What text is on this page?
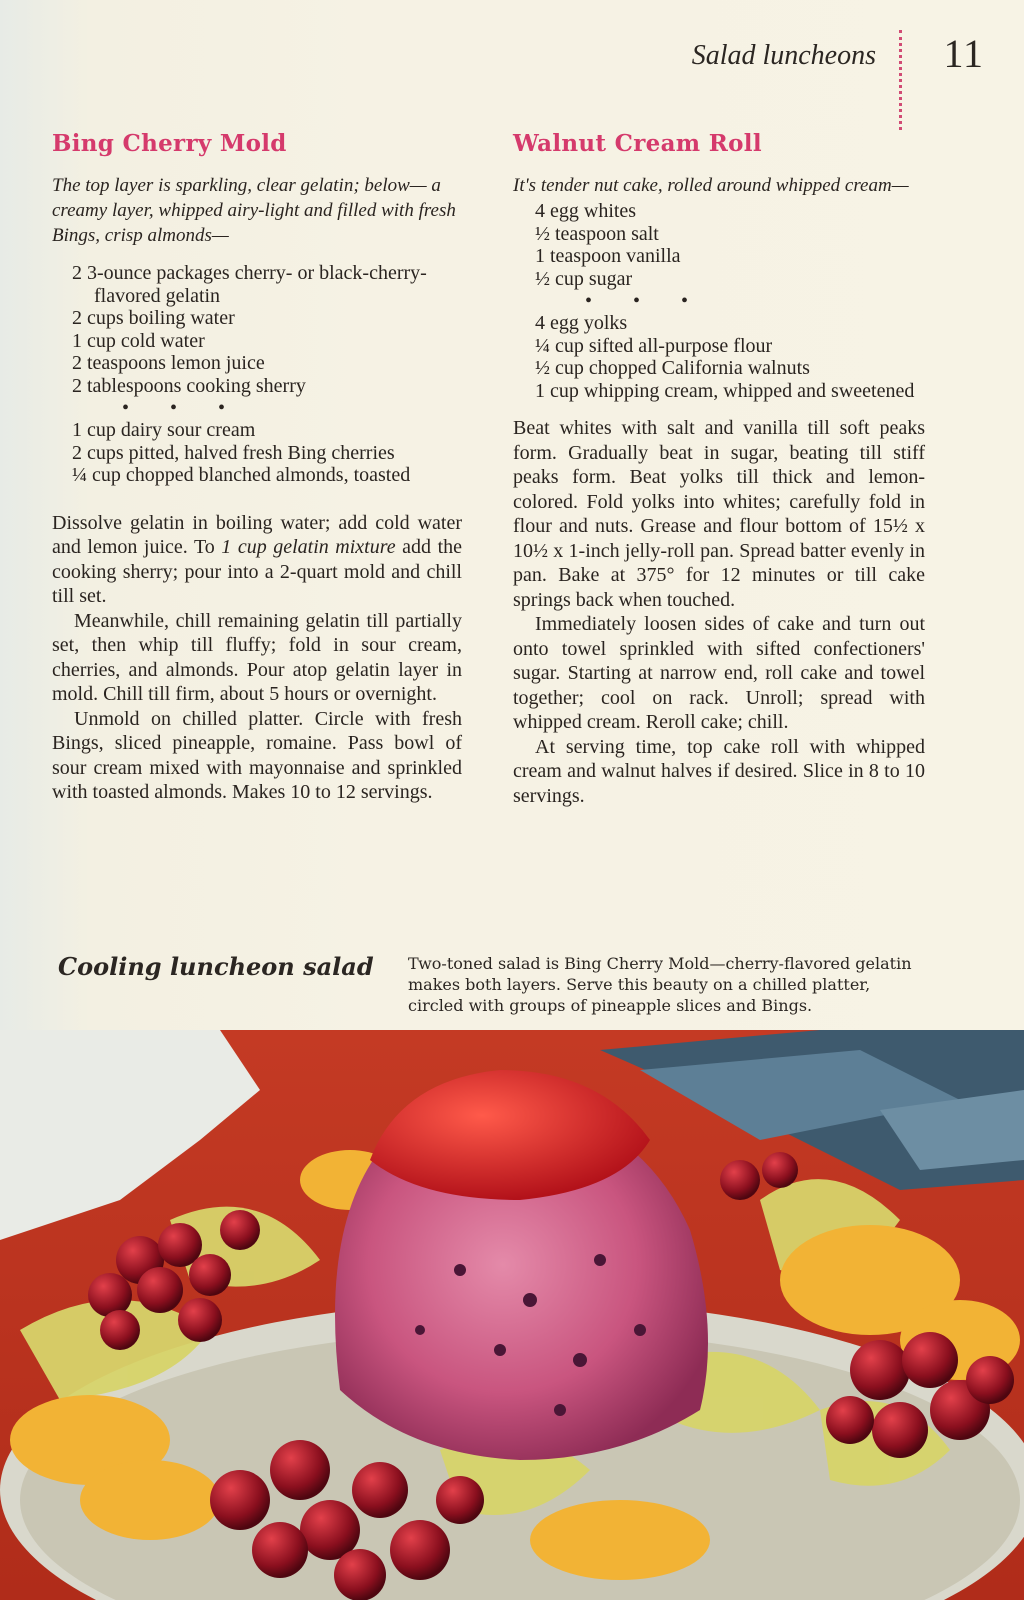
Salad luncheons 11
Bing Cherry Mold

The top layer is sparkling, clear gelatin; below— a creamy layer, whipped airy-light and filled with fresh Bings, crisp almonds—

2 3-ounce packages cherry- or black-cherry-flavored gelatin
2 cups boiling water
1 cup cold water
2 teaspoons lemon juice
2 tablespoons cooking sherry
• • •
1 cup dairy sour cream
2 cups pitted, halved fresh Bing cherries
¼ cup chopped blanched almonds, toasted

Dissolve gelatin in boiling water; add cold water and lemon juice. To 1 cup gelatin mixture add the cooking sherry; pour into a 2-quart mold and chill till set.

Meanwhile, chill remaining gelatin till partially set, then whip till fluffy; fold in sour cream, cherries, and almonds. Pour atop gelatin layer in mold. Chill till firm, about 5 hours or overnight.

Unmold on chilled platter. Circle with fresh Bings, sliced pineapple, romaine. Pass bowl of sour cream mixed with mayonnaise and sprinkled with toasted almonds. Makes 10 to 12 servings.

Walnut Cream Roll

It's tender nut cake, rolled around whipped cream—

4 egg whites
½ teaspoon salt
1 teaspoon vanilla
½ cup sugar
• • •
4 egg yolks
¼ cup sifted all-purpose flour
½ cup chopped California walnuts
1 cup whipping cream, whipped and sweetened

Beat whites with salt and vanilla till soft peaks form. Gradually beat in sugar, beating till stiff peaks form. Beat yolks till thick and lemon-colored. Fold yolks into whites; carefully fold in flour and nuts. Grease and flour bottom of 15½ x 10½ x 1-inch jelly-roll pan. Spread batter evenly in pan. Bake at 375° for 12 minutes or till cake springs back when touched.

Immediately loosen sides of cake and turn out onto towel sprinkled with sifted confectioners' sugar. Starting at narrow end, roll cake and towel together; cool on rack. Unroll; spread with whipped cream. Reroll cake; chill.

At serving time, top cake roll with whipped cream and walnut halves if desired. Slice in 8 to 10 servings.

Cooling luncheon salad Two-toned salad is Bing Cherry Mold—cherry-flavored gelatin makes both layers. Serve this beauty on a chilled platter, circled with groups of pineapple slices and Bings.
